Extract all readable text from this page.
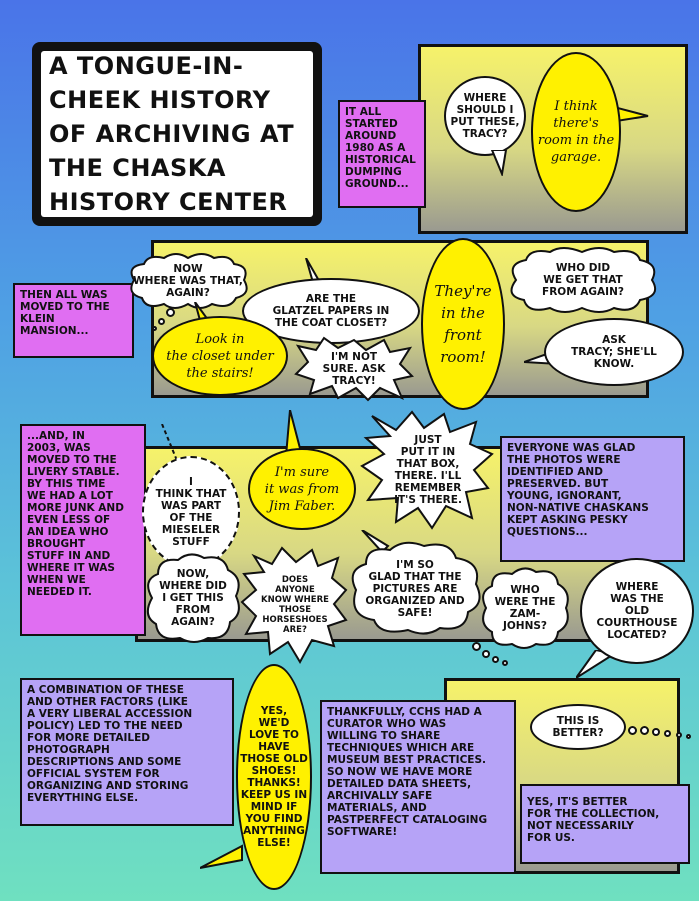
A TONGUE-IN-CHEEK HISTORY OF ARCHIVING AT THE CHASKA HISTORY CENTER
IT ALL
STARTED
AROUND
1980 AS A
HISTORICAL
DUMPING
GROUND...
WHERE
SHOULD I
PUT THESE,
TRACY?
I think
there's
room in the
garage.
THEN ALL WAS
MOVED TO THE
KLEIN
MANSION...
NOW
WHERE WAS THAT,
AGAIN?	ARE THE
GLATZEL PAPERS IN
THE COAT CLOSET?
Look in
the closet under
the stairs!
I'M NOT
SURE. ASK
TRACY!
They're
in the
front
room!
WHO DID
WE GET THAT
FROM AGAIN?
ASK
TRACY; SHE'LL
KNOW.
...AND, IN
2003, WAS
MOVED TO THE
LIVERY STABLE.
BY THIS TIME
WE HAD A LOT
MORE JUNK AND
EVEN LESS OF
AN IDEA WHO
BROUGHT
STUFF IN AND
WHERE IT WAS
WHEN WE
NEEDED IT.
I
THINK THAT
WAS PART
OF THE
MIESELER
STUFF
I'm sure
it was from
Jim Faber.
JUST
PUT IT IN
THAT BOX,
THERE. I'LL
REMEMBER
IT'S THERE.
EVERYONE WAS GLAD
THE PHOTOS WERE
IDENTIFIED AND
PRESERVED. BUT
YOUNG, IGNORANT,
NON-NATIVE CHASKANS
KEPT ASKING PESKY
QUESTIONS...
NOW,
WHERE DID
I GET THIS
FROM
AGAIN?
DOES
ANYONE
KNOW WHERE
THOSE
HORSESHOES
ARE?
I'M SO
GLAD THAT THE
PICTURES ARE
ORGANIZED AND
SAFE!
WHO
WERE THE
ZAM-
JOHNS?
WHERE
WAS THE
OLD
COURTHOUSE
LOCATED?
A COMBINATION OF THESE
AND OTHER FACTORS (LIKE
A VERY LIBERAL ACCESSION
POLICY) LED TO THE NEED
FOR MORE DETAILED
PHOTOGRAPH
DESCRIPTIONS AND SOME
OFFICIAL SYSTEM FOR
ORGANIZING AND STORING
EVERYTHING ELSE.
YES,
WE'D
LOVE TO
HAVE
THOSE OLD
SHOES!
THANKS!
KEEP US IN
MIND IF
YOU FIND
ANYTHING
ELSE!
THANKFULLY, CCHS HAD A
CURATOR WHO WAS
WILLING TO SHARE
TECHNIQUES WHICH ARE
MUSEUM BEST PRACTICES.
SO NOW WE HAVE MORE
DETAILED DATA SHEETS,
ARCHIVALLY SAFE
MATERIALS, AND
PASTPERFECT CATALOGING
SOFTWARE!
THIS IS
BETTER?
YES, IT'S BETTER
FOR THE COLLECTION,
NOT NECESSARILY
FOR US.
